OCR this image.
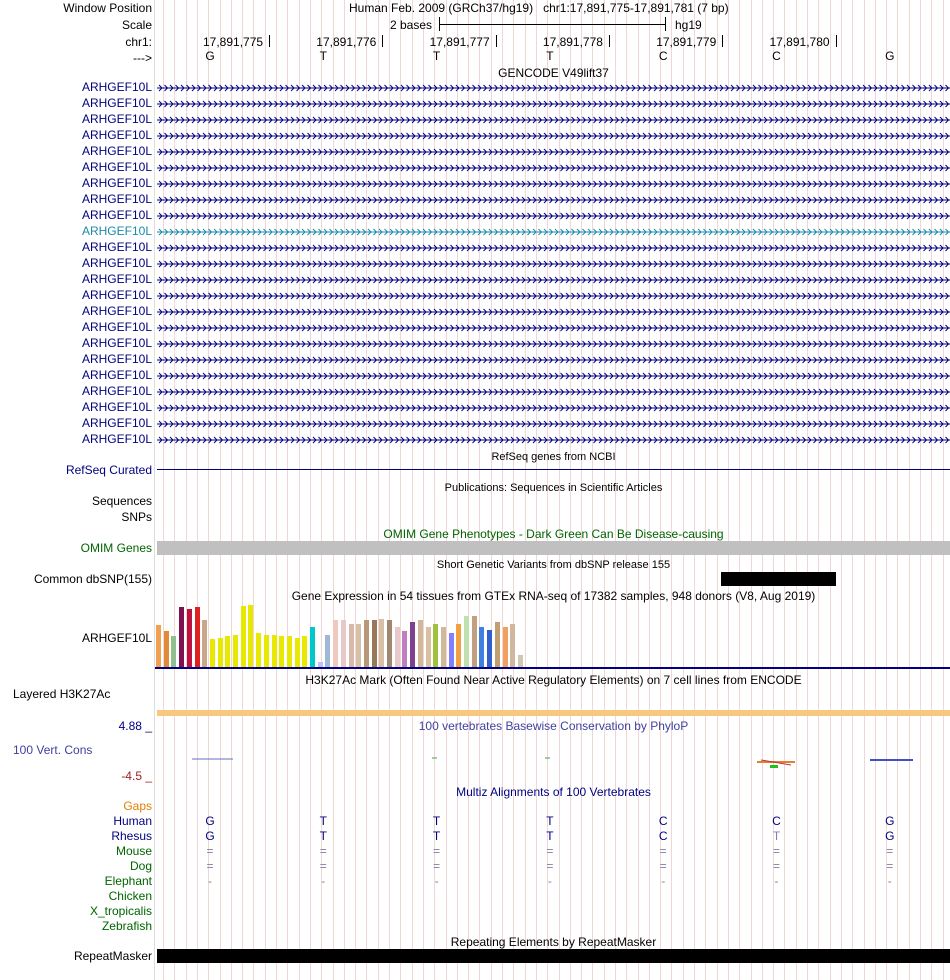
Window Position	Human Feb. 2009 (GRCh37/hg19) chr1:17,891,775-17,891,781 (7 bp)
Scale	2 bases	hg19
chr1:	17,891,775	17,891,776	17,891,777	17,891,778	17,891,779	17,891,780
--->	G	T	T	T	C	C	G
GENCODE V49lift37
ARHGEF10L
ARHGEF10L
ARHGEF10L
ARHGEF10L
ARHGEF10L
ARHGEF10L
ARHGEF10L
ARHGEF10L
ARHGEF10L
ARHGEF10L
ARHGEF10L
ARHGEF10L
ARHGEF10L
ARHGEF10L
ARHGEF10L
ARHGEF10L
ARHGEF10L
ARHGEF10L
ARHGEF10L
ARHGEF10L
ARHGEF10L
ARHGEF10L
ARHGEF10L
RefSeq genes from NCBI
RefSeq Curated
Publications: Sequences in Scientific Articles
Sequences
SNPs
OMIM Gene Phenotypes - Dark Green Can Be Disease-causing
OMIM Genes
Short Genetic Variants from dbSNP release 155
Common dbSNP(155)
Gene Expression in 54 tissues from GTEx RNA-seq of 17382 samples, 948 donors (V8, Aug 2019)
ARHGEF10L
H3K27Ac Mark (Often Found Near Active Regulatory Elements) on 7 cell lines from ENCODE
Layered H3K27Ac
4.88 _	100 vertebrates Basewise Conservation by PhyloP
100 Vert. Cons
-4.5 _
Multiz Alignments of 100 Vertebrates
Gaps
Human	G	T	T	T	C	C	G
Rhesus	G	T	T	T	C	T	G
Mouse	=	=	=	=	=	=	=
Dog	=	=	=	=	=	=	=
Elephant	-	-	-	-	-	-	-
Chicken
X_tropicalis
Zebrafish
Repeating Elements by RepeatMasker
RepeatMasker
